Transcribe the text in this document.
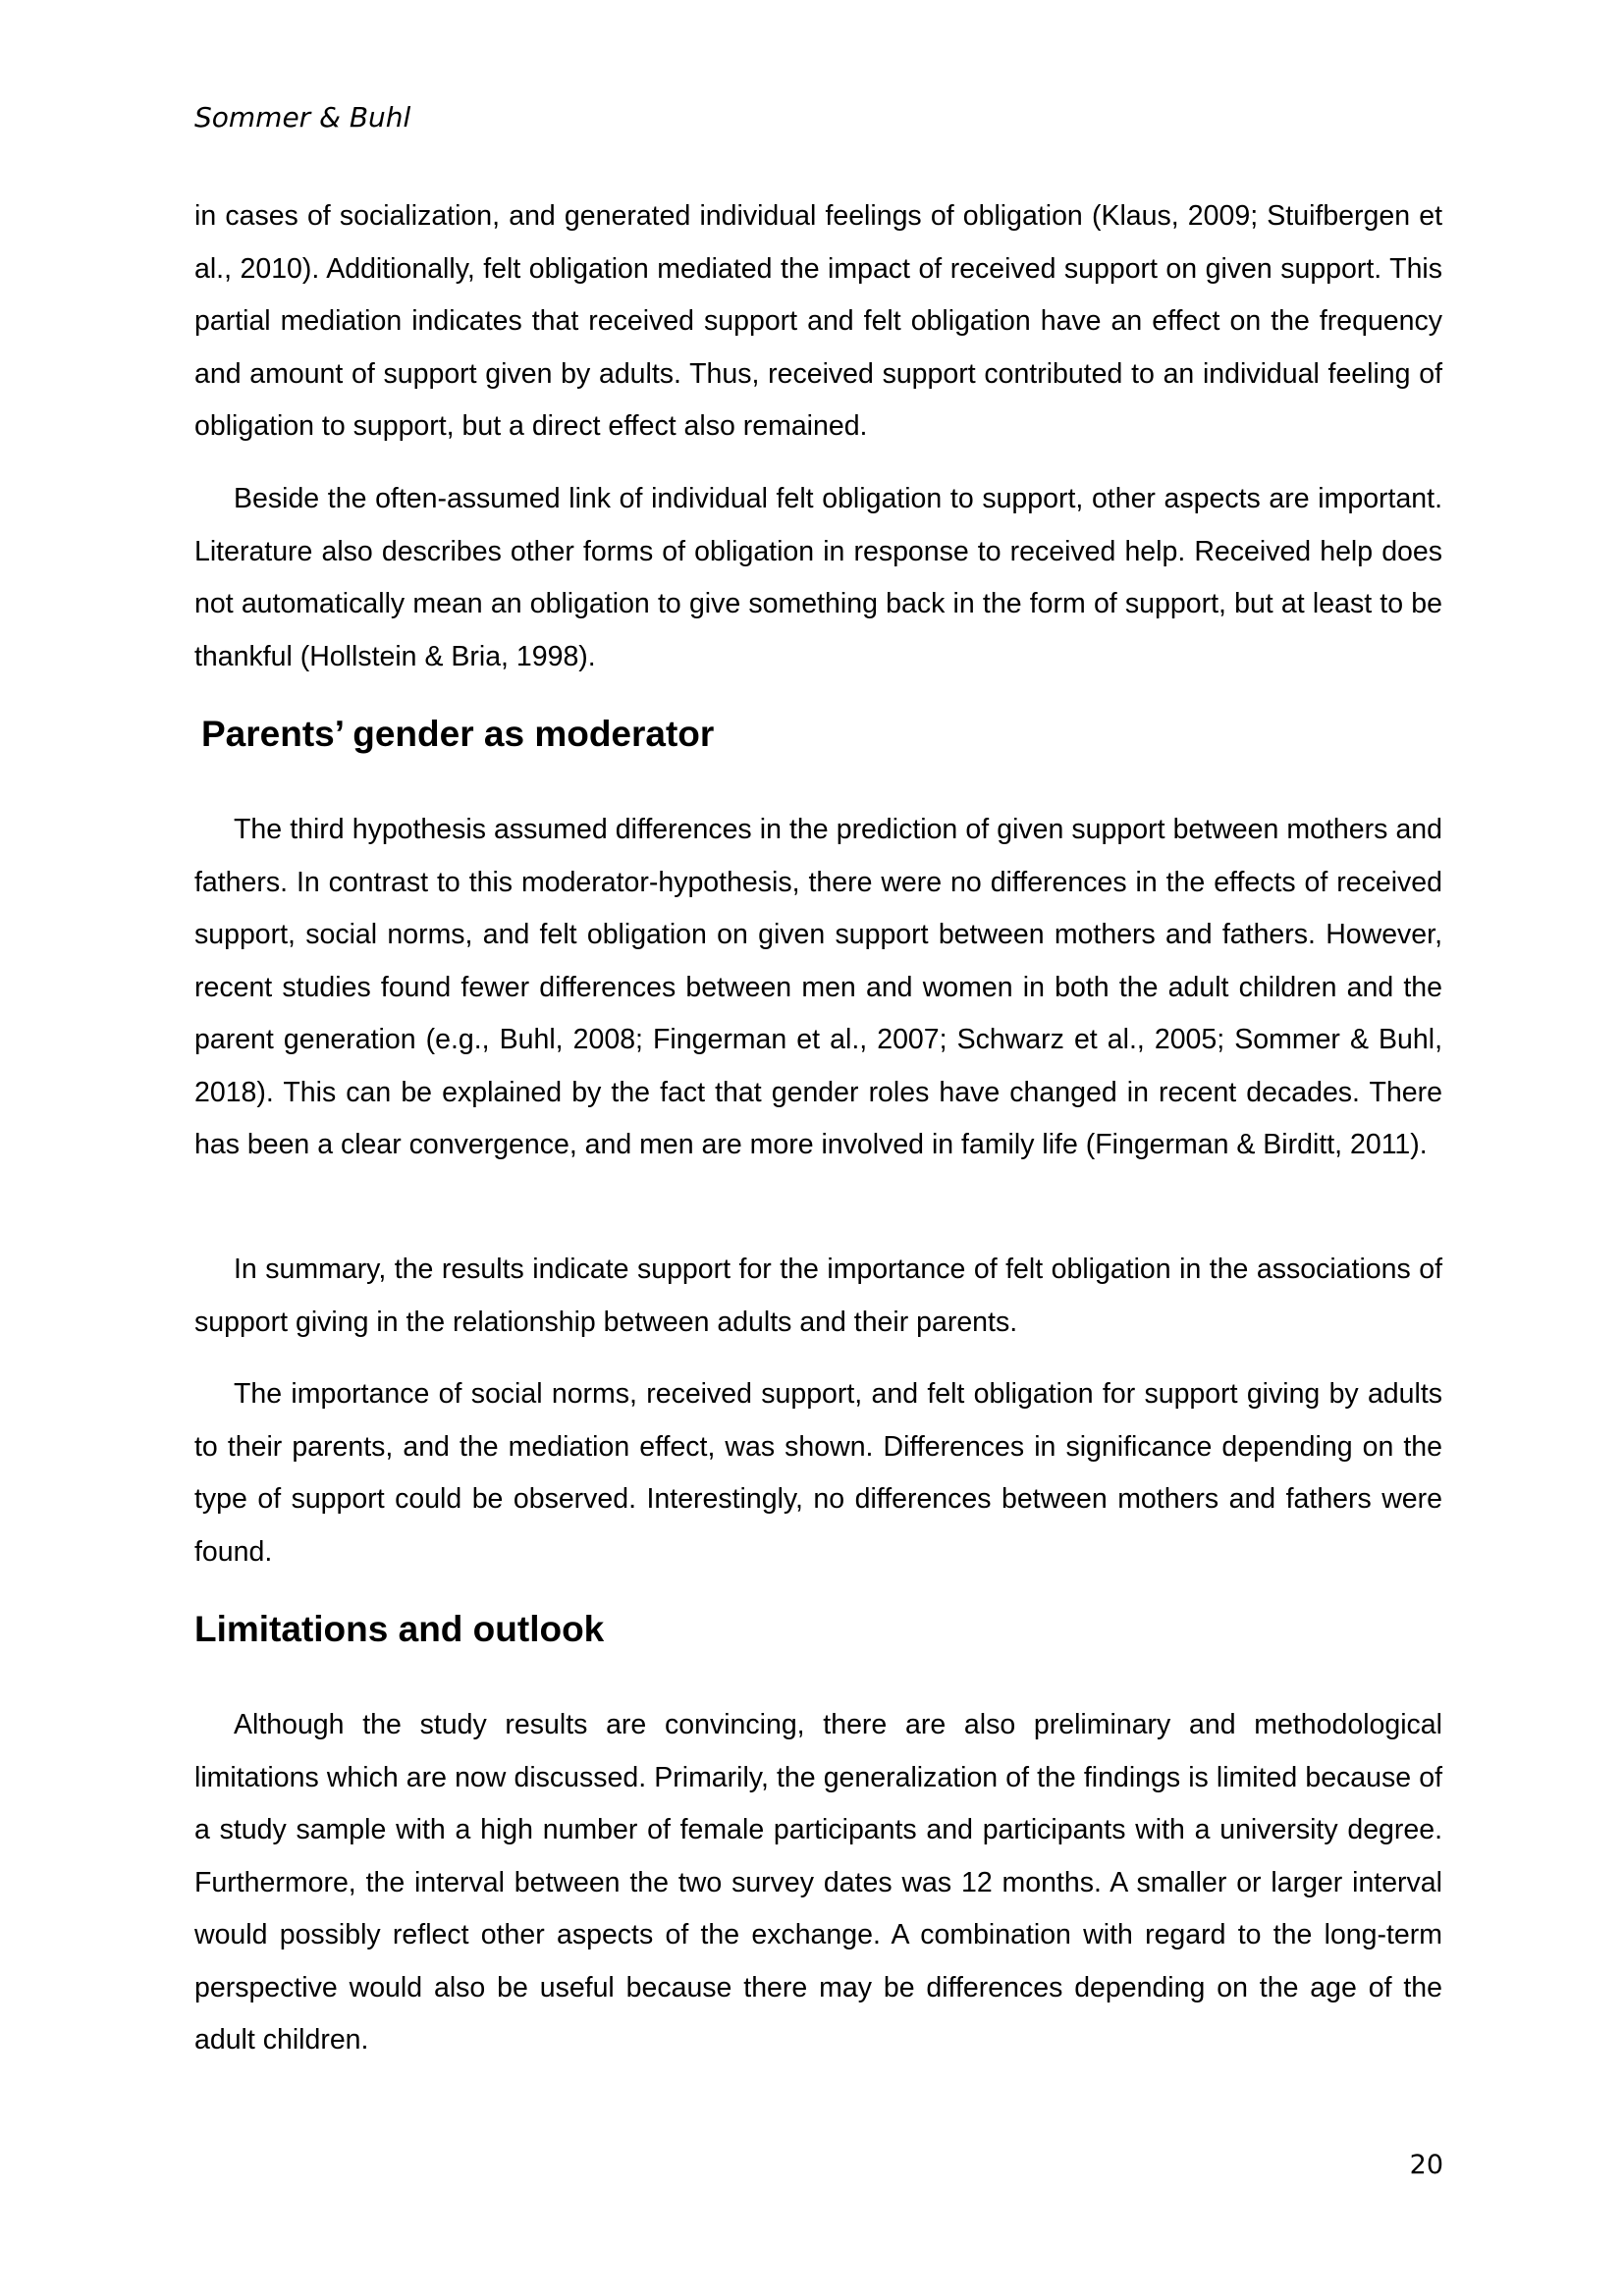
Sommer & Buhl

in cases of socialization, and generated individual feelings of obligation (Klaus, 2009; Stuifbergen et al., 2010). Additionally, felt obligation mediated the impact of received support on given support. This partial mediation indicates that received support and felt obligation have an effect on the frequency and amount of support given by adults. Thus, received support contributed to an individual feeling of obligation to support, but a direct effect also remained.

Beside the often-assumed link of individual felt obligation to support, other aspects are important. Literature also describes other forms of obligation in response to received help. Received help does not automatically mean an obligation to give something back in the form of support, but at least to be thankful (Hollstein & Bria, 1998).

Parents’ gender as moderator

The third hypothesis assumed differences in the prediction of given support between mothers and fathers. In contrast to this moderator-hypothesis, there were no differences in the effects of received support, social norms, and felt obligation on given support between mothers and fathers. However, recent studies found fewer differences between men and women in both the adult children and the parent generation (e.g., Buhl, 2008; Fingerman et al., 2007; Schwarz et al., 2005; Sommer & Buhl, 2018). This can be explained by the fact that gender roles have changed in recent decades. There has been a clear convergence, and men are more involved in family life (Fingerman & Birditt, 2011).

In summary, the results indicate support for the importance of felt obligation in the associations of support giving in the relationship between adults and their parents.

The importance of social norms, received support, and felt obligation for support giving by adults to their parents, and the mediation effect, was shown. Differences in significance depending on the type of support could be observed. Interestingly, no differences between mothers and fathers were found.

Limitations and outlook

Although the study results are convincing, there are also preliminary and methodological limitations which are now discussed. Primarily, the generalization of the findings is limited because of a study sample with a high number of female participants and participants with a university degree. Furthermore, the interval between the two survey dates was 12 months. A smaller or larger interval would possibly reflect other aspects of the exchange. A combination with regard to the long-term perspective would also be useful because there may be differences depending on the age of the adult children.

20
